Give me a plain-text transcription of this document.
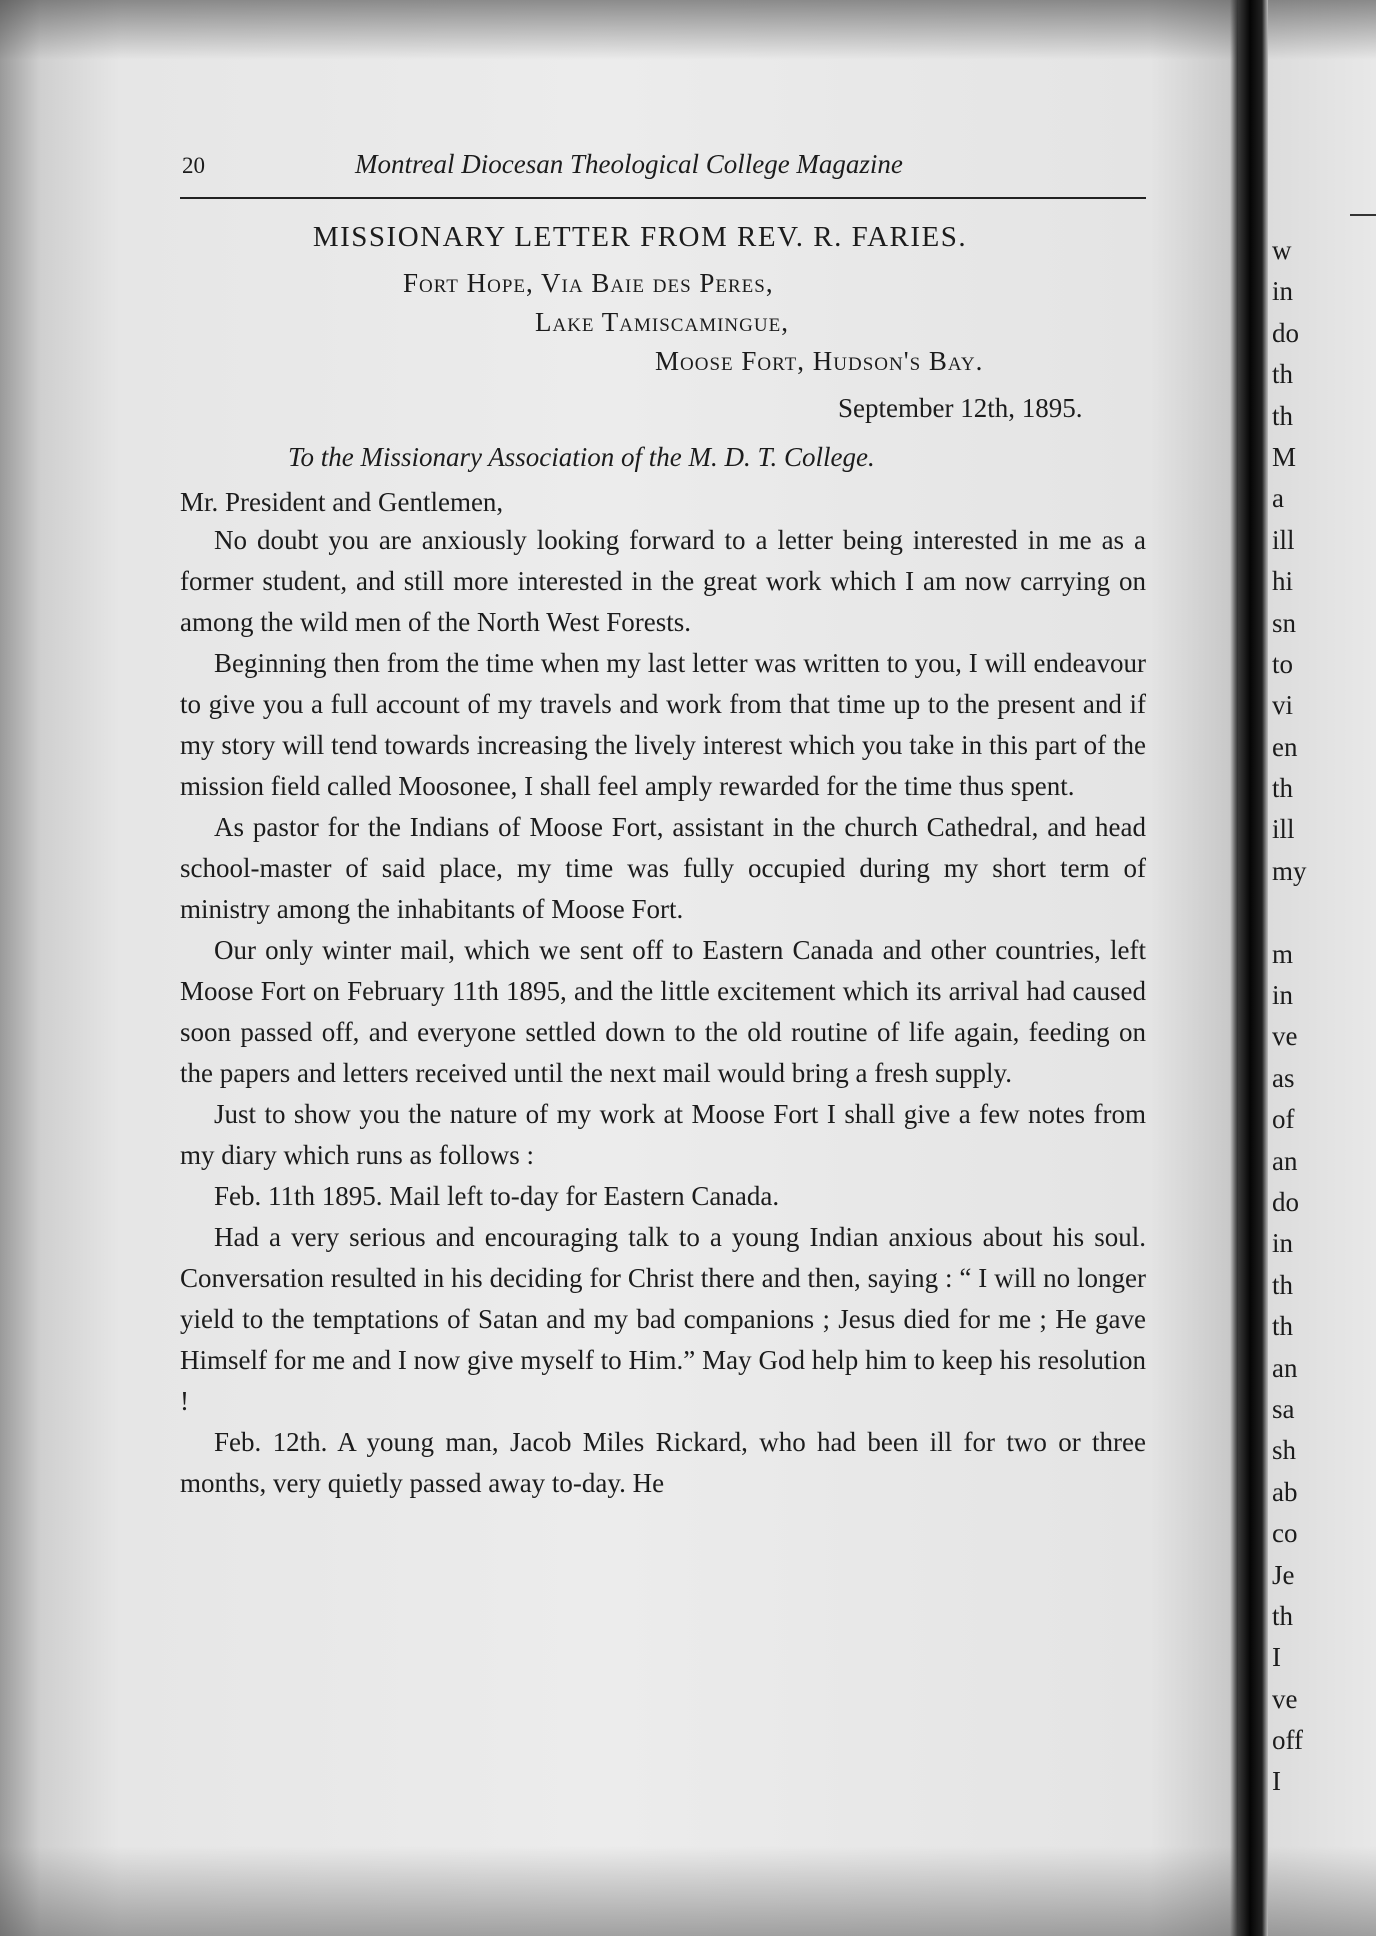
20	Montreal Diocesan Theological College Magazine
MISSIONARY LETTER FROM REV. R. FARIES.
Fort Hope, Via Baie des Peres,
Lake Tamiscamingue,
Moose Fort, Hudson's Bay.
September 12th, 1895.
To the Missionary Association of the M. D. T. College.
Mr. President and Gentlemen,

No doubt you are anxiously looking forward to a letter being interested in me as a former student, and still more interested in the great work which I am now carrying on among the wild men of the North West Forests.

Beginning then from the time when my last letter was written to you, I will endeavour to give you a full account of my travels and work from that time up to the present and if my story will tend towards increasing the lively interest which you take in this part of the mission field called Moosonee, I shall feel amply rewarded for the time thus spent.

As pastor for the Indians of Moose Fort, assistant in the church Cathedral, and head school-master of said place, my time was fully occupied during my short term of ministry among the inhabitants of Moose Fort.

Our only winter mail, which we sent off to Eastern Canada and other countries, left Moose Fort on February 11th 1895, and the little excitement which its arrival had caused soon passed off, and everyone settled down to the old routine of life again, feeding on the papers and letters received until the next mail would bring a fresh supply.

Just to show you the nature of my work at Moose Fort I shall give a few notes from my diary which runs as follows :

Feb. 11th 1895. Mail left to-day for Eastern Canada.

Had a very serious and encouraging talk to a young Indian anxious about his soul. Conversation resulted in his deciding for Christ there and then, saying : “ I will no longer yield to the temptations of Satan and my bad companions ; Jesus died for me ; He gave Himself for me and I now give myself to Him.” May God help him to keep his resolution !

Feb. 12th. A young man, Jacob Miles Rickard, who had been ill for two or three months, very quietly passed away to-day. He

w
in
do
th
th
M
a
ill
hi
sn
to
vi
en
th
ill
my
m
in
ve
as
of
an
do
in
th
th
an
sa
sh
ab
co
Je
th
I
ve
off
I
